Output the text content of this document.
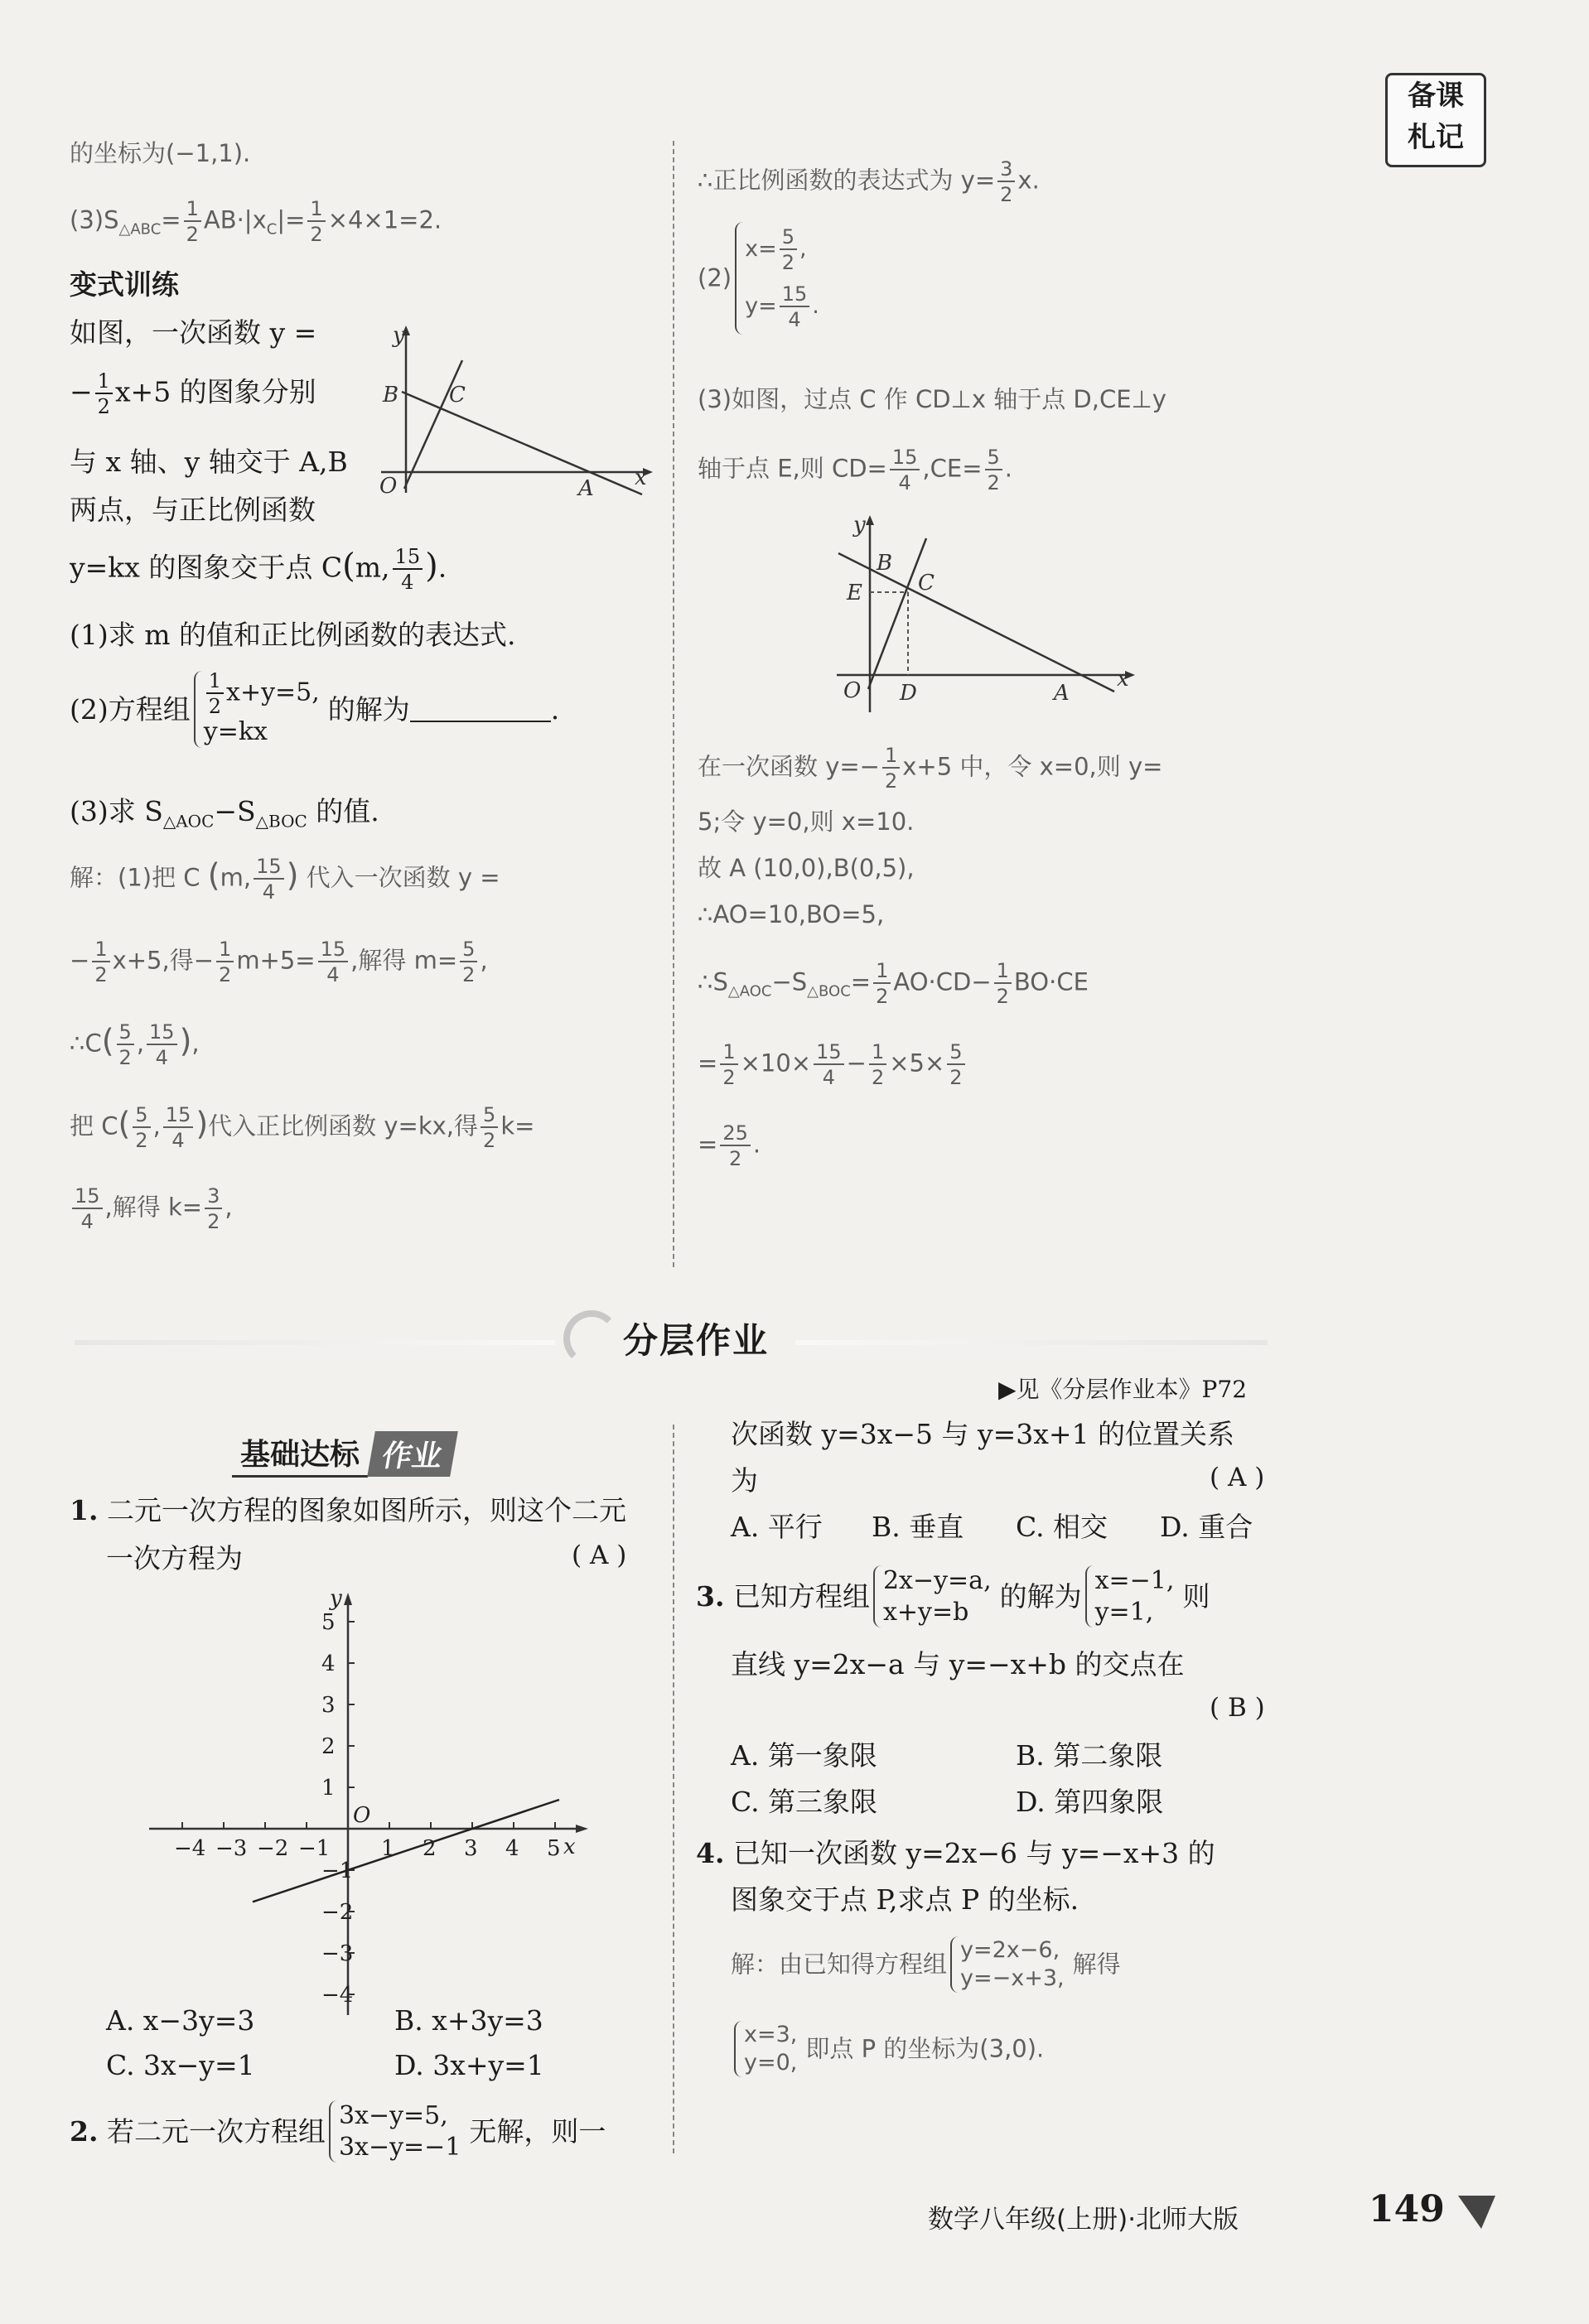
备课
札记
的坐标为(−1,1).
$(3)S_{\triangle ABC}= \frac{1}{2} AB\cdot|x_C|= \frac{1}{2} \times 4\times 1=2$.
变式训练
如图，一次函数 y =
− $\frac{1}{2} x+5$ 的图象分别
与 x 轴、y 轴交于 A,B
两点，与正比例函数
y=kx 的图象交于点 C(m, $\frac{15}{4}$ ).
y
x
O	A
B C
(1)求 m 的值和正比例函数的表达式.
(2)方程组 $\frac{1}{2} x+y=5$,
y=kx
的解为	.
(3)求 $S_{\triangle AOC}-S_{\triangle BOC}$ 的值.
解：(1)把 C (m, $\frac{15}{4}$ ) 代入一次函数 y =
− $\frac{1}{2} x+5$,得− $\frac{1}{2} m+5= \frac{15}{4}$ ,解得 $m= \frac{5}{2}$ ,
∴C( $\frac{5}{2}$ , $\frac{15}{4}$ ),
把 $C( \frac{5}{2}$ , $\frac{15}{4}$ )代入正比例函数 y=kx,得 $\frac{5}{2} k=$
$\frac{15}{4}$ ,解得 $k= \frac{3}{2}$ ,
∴正比例函数的表达式为 $y= \frac{3}{2} x$.
(2)
$x= \frac{5}{2}$ ,
$y= \frac{15}{4}$ .
(3)如图，过点 C 作 CD⊥x 轴于点 D,CE⊥y
轴于点 E,则 $CD= \frac{15}{4} ,CE= \frac{5}{2}$ .
y
x
O D	A
B
C
E
在一次函数 $y=- \frac{1}{2} x+5$ 中，令 x=0,则 y=
5;令 y=0,则 x=10.
故 A (10,0),B(0,5),
∴AO=10,BO=5,
$\therefore S_{\triangle AOC}-S_{\triangle BOC}= \frac{1}{2} AO\cdot CD- \frac{1}{2} BO\cdot CE$
= $\frac{1}{2} \times 10\times \frac{15}{4} - \frac{1}{2} \times 5\times \frac{5}{2}$
= $\frac{25}{2}$ .
分层作业
▶见《分层作业本》P72
基础达标 作业
1. 二元一次方程的图象如图所示，则这个二元
一次方程为	( A )
−4 −3 −2 −1 1 2 3 4 5
5
4
3
2
1
−1
−2
−3
−4
O
x
y
A. x−3y=3	B. x+3y=3
C. 3x−y=1	D. 3x+y=1
2. 若二元一次方程组 3x−y=5,
3x−y=−1 无解，则一
次函数 y=3x−5 与 y=3x+1 的位置关系
为	( A )
A. 平行 B. 垂直 C. 相交 D. 重合
3. 已知方程组 2x−y=a,
x+y=b	的解为 x=−1,
y=1,	则
直线 y=2x−a 与 y=−x+b 的交点在
( B )
A. 第一象限	B. 第二象限
C. 第三象限	D. 第四象限
4. 已知一次函数 y=2x−6 与 y=−x+3 的
图象交于点 P,求点 P 的坐标.
解：由已知得方程组 y=2x−6,
y=−x+3, 解得
x=3,
y=0, 即点 P 的坐标为(3,0).
数学八年级(上册)·北师大版	149
